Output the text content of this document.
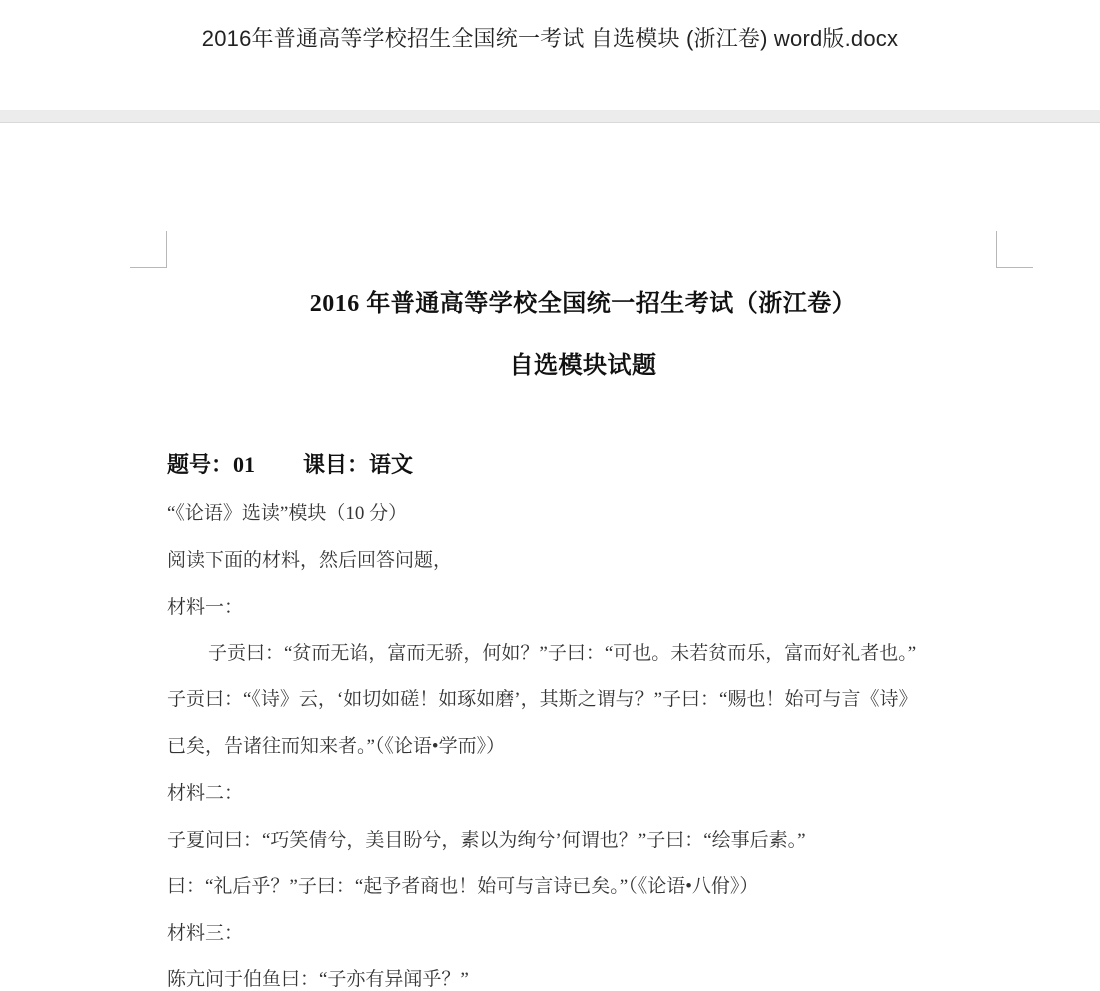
2016年普通高等学校招生全国统一考试 自选模块 (浙江卷) word版.docx
2016 年普通高等学校全国统一招生考试（浙江卷）
自选模块试题
题号：01 课目：语文
“《论语》选读”模块（10 分）
阅读下面的材料，然后回答问题，
材料一：
子贡曰：“贫而无谄，富而无骄，何如？”子曰：“可也。未若贫而乐，富而好礼者也。”
子贡曰：“《诗》云，‘如切如磋！如琢如磨’，其斯之谓与？”子曰：“赐也！始可与言《诗》
已矣，告诸往而知来者。”（《论语•学而》）
材料二：
子夏问曰：“巧笑倩兮，美目盼兮，素以为绚兮’何谓也？”子曰：“绘事后素。”
曰：“礼后乎？”子曰：“起予者商也！始可与言诗已矣。”（《论语•八佾》）
材料三：
陈亢问于伯鱼曰：“子亦有异闻乎？”
